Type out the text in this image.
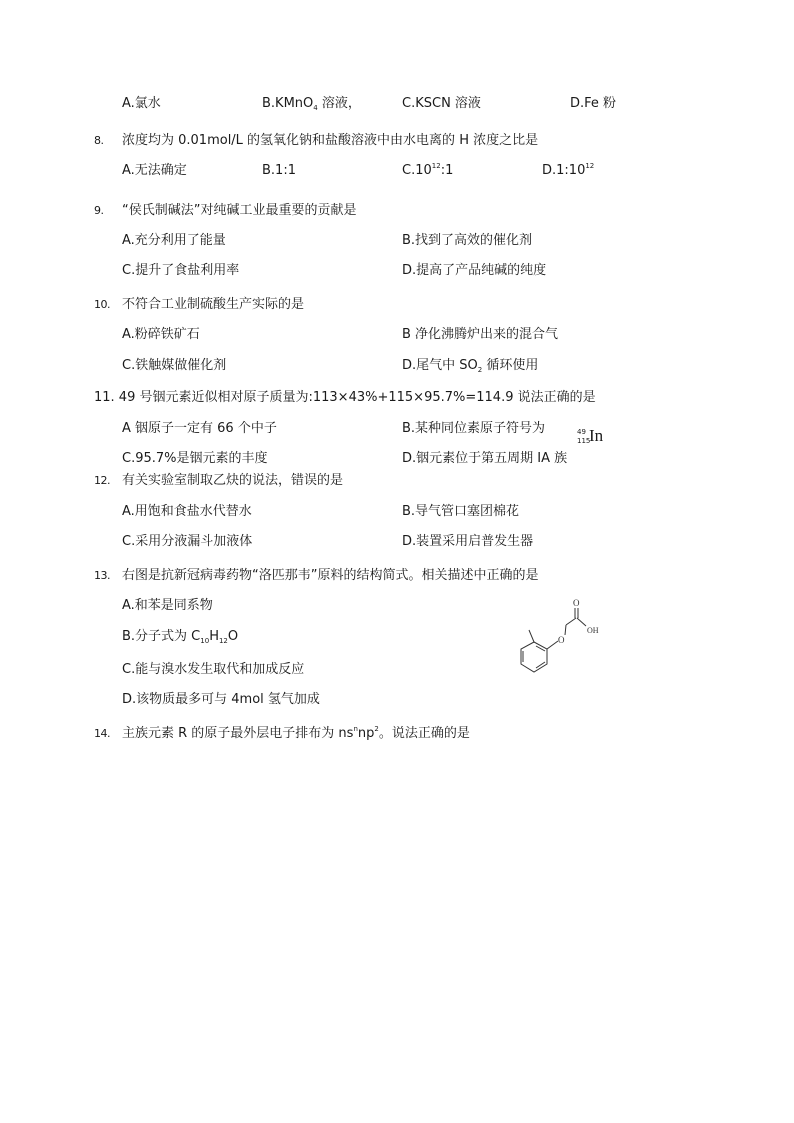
A.氯水	B.KMnO$_4$ 溶液，	C.KSCN 溶液	D.Fe 粉
8. 浓度均为 0.01mol/L 的氢氧化钠和盐酸溶液中由水电离的 H 浓度之比是
A.无法确定	B.1:1	$C.10^{12}:1$	$D.1:10^{12}$
9. “侯氏制碱法”对纯碱工业最重要的贡献是
A.充分利用了能量	B.找到了高效的催化剂
C.提升了食盐利用率	D.提高了产品纯碱的纯度
10. 不符合工业制硫酸生产实际的是
A.粉碎铁矿石	B 净化沸腾炉出来的混合气
C.铁触媒做催化剂	D.尾气中 $SO_2$ 循环使用
11. 49 号铟元素近似相对原子质量为:113×43%+115×95.7%=114.9 说法正确的是
A 铟原子一定有 66 个中子	B.某种同位素原子符号为	49
115
In
C.95.7%是铟元素的丰度	D.铟元素位于第五周期 IA 族
12. 有关实验室制取乙炔的说法，错误的是
A.用饱和食盐水代替水	B.导气管口塞团棉花
C.采用分液漏斗加液体	D.装置采用启普发生器
13. 右图是抗新冠病毒药物“洛匹那韦”原料的结构简式。相关描述中正确的是
A.和苯是同系物
B.分子式为 $C_{10}H_{12}O$
C.能与溴水发生取代和加成反应
D.该物质最多可与 4mol 氢气加成
O
OH
O
14. 主族元素 R 的原子最外层电子排布为 $ns^nnp^2$。说法正确的是
